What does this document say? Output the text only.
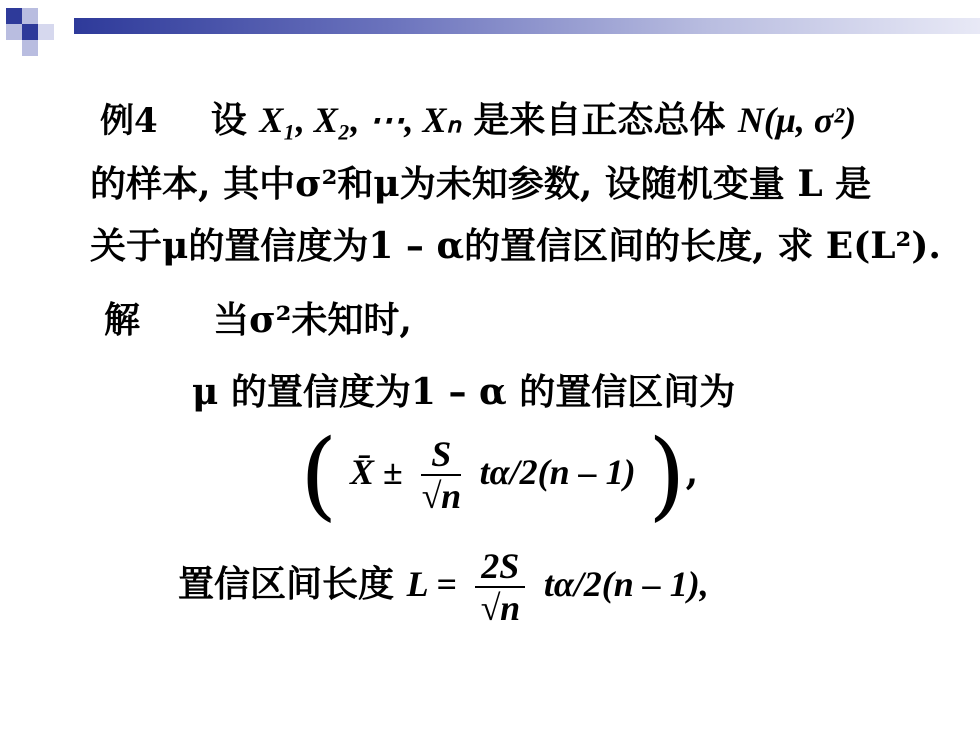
例4 设 X₁, X₂, ⋯, Xₙ 是来自正态总体 N(μ, σ²)
的样本, 其中σ²和μ为未知参数, 设随机变量 L 是
关于μ的置信度为1 – α的置信区间的长度, 求 E(L²).
解 当σ²未知时,
μ 的置信度为1 – α 的置信区间为
( X̄ ± $\frac{S}{√n} t\alpha/2(n - 1)$ ),
置信区间长度 $L = \frac{2S}{√n} t\alpha/2(n - 1)$,
